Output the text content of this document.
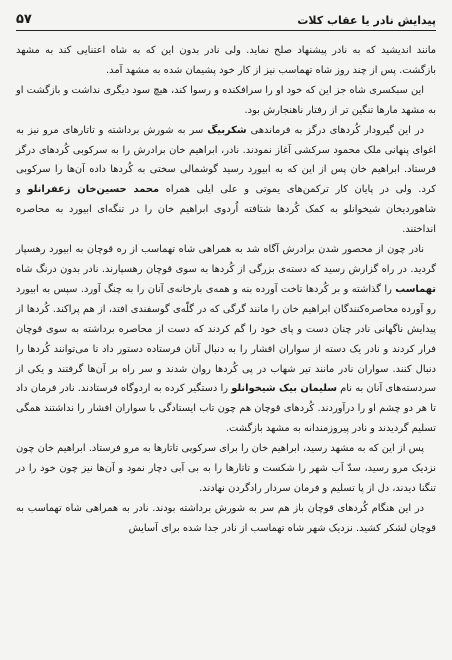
۵۷	پیدایش نادر یا عقاب کلات

مانند اندیشید که به نادر پیشنهاد صلح نماید. ولی نادر بدون این که به شاه اعتنایی کند به مشهد بازگشت. پس از چند روز شاه تهماسب نیز از کار خود پشیمان شده به مشهد آمد.

این سبکسری شاه جز این که خود او را سرافکنده و رسوا کند، هیچ سود دیگری نداشت و بازگشت او به مشهد مارها تنگین تر از رفتار ناهنجارش بود.

در این گیرودار کُردهای درگز به فرماندهی شکربیگ سر به شورش برداشته و تاتارهای مرو نیز به اغوای پنهانی ملک محمود سرکشی آغاز نمودند. نادر، ابراهیم خان برادرش را به سرکوبی کُردهای درگز فرستاد. ابراهیم خان پس از این که به ابیورد رسید گوشمالی سختی به کُردها داده آن‌ها را سرکوبی کرد. ولی در پایان کار ترکمن‌های یموتی و علی ایلی همراه محمد حسین‌خان زعفرانلو و شاهوردیخان شیخوانلو به کمک کُردها شتافته اُردوی ابراهیم خان را در تنگه‌ای ابیورد به محاصره انداختند.

نادر چون از محصور شدن برادرش آگاه شد به همراهی شاه تهماسب از ره قوچان به ابیورد رهسپار گردید. در راه گزارش رسید که دسته‌ی بزرگی از کُردها به سوی قوچان رهسپارند. نادر بدون درنگ شاه تهماسب را گذاشته و بر کُردها تاخت آورده بنه و همه‌ی بارخانه‌ی آنان را به چنگ آورد. سپس به ابیورد رو آورده محاصره‌کنندگان ابراهیم خان را مانند گرگی که در گلّه‌ی گوسفندی افتد، از هم پراکند. کُردها از پیدایش ناگهانی نادر چنان دست و پای خود را گم کردند که دست از محاصره برداشته به سوی قوچان فرار کردند و نادر یک دسته از سواران افشار را به دنبال آنان فرستاده دستور داد تا می‌توانند کُردها را دنبال کنند. سواران نادر مانند تیر شهاب در پی کُردها روان شدند و سر راه بر آن‌ها گرفتند و یکی از سردسته‌های آنان به نام سلیمان بیک شیخوانلو را دستگیر کرده به اردوگاه فرستادند. نادر فرمان داد تا هر دو چشم او را درآوردند. کُردهای قوچان هم چون تاب ایستادگی با سواران افشار را نداشتند همگی تسلیم گردیدند و نادر پیروزمندانه به مشهد بازگشت.

پس از این که به مشهد رسید، ابراهیم خان را برای سرکوبی تاتارها به مرو فرستاد. ابراهیم خان چون نزدیک مرو رسید، سدّ آب شهر را شکست و تاتارها را به بی آبی دچار نمود و آن‌ها نیز چون خود را در تنگنا دیدند، دل از پا تسلیم و فرمان سردار رادگردن نهادند.

در این هنگام کُردهای قوچان باز هم سر به شورش برداشته بودند. نادر به همراهی شاه تهماسب به قوچان لشکر کشید. نزدیک شهر شاه تهماسب از نادر جدا شده برای آسایش
